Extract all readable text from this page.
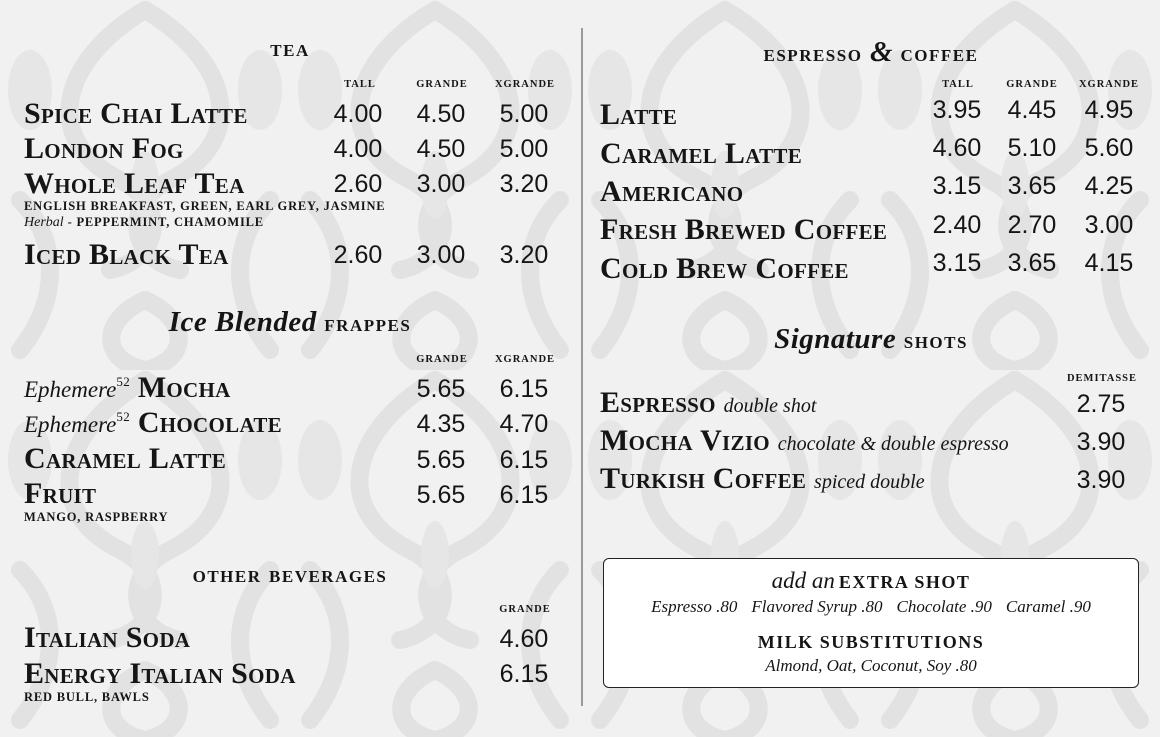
tea
TALL	GRANDE	XGRANDE
Spice Chai Latte	4.00	4.50	5.00
London Fog	4.00	4.50	5.00
Whole Leaf Tea	2.60	3.00	3.20
ENGLISH BREAKFAST, GREEN, EARL GREY, JASMINE
Herbal - PEPPERMINT, CHAMOMILE
Iced Black Tea	2.60	3.00	3.20
Ice Blended frappes
GRANDE	XGRANDE
Ephemere$^{52}$ Mocha	5.65	6.15
Ephemere$^{52}$ Chocolate	4.35	4.70
Caramel Latte	5.65	6.15
Fruit	5.65	6.15
MANGO, RASPBERRY
other beverages
GRANDE
Italian Soda	4.60
Energy Italian Soda	6.15
RED BULL, BAWLS
espresso & coffee
TALL	GRANDE	XGRANDE
Latte	3.95	4.45	4.95
Caramel Latte	4.60	5.10	5.60
Americano	3.15	3.65	4.25
Fresh Brewed Coffee	2.40	2.70	3.00
Cold Brew Coffee	3.15	3.65	4.15
Signature shots
DEMITASSE
Espresso double shot	2.75
Mocha Vizio chocolate & double espresso	3.90
Turkish Coffee spiced double	3.90
add an EXTRA SHOT
Espresso .80 Flavored Syrup .80 Chocolate .90 Caramel .90
MILK SUBSTITUTIONS
Almond, Oat, Coconut, Soy .80
